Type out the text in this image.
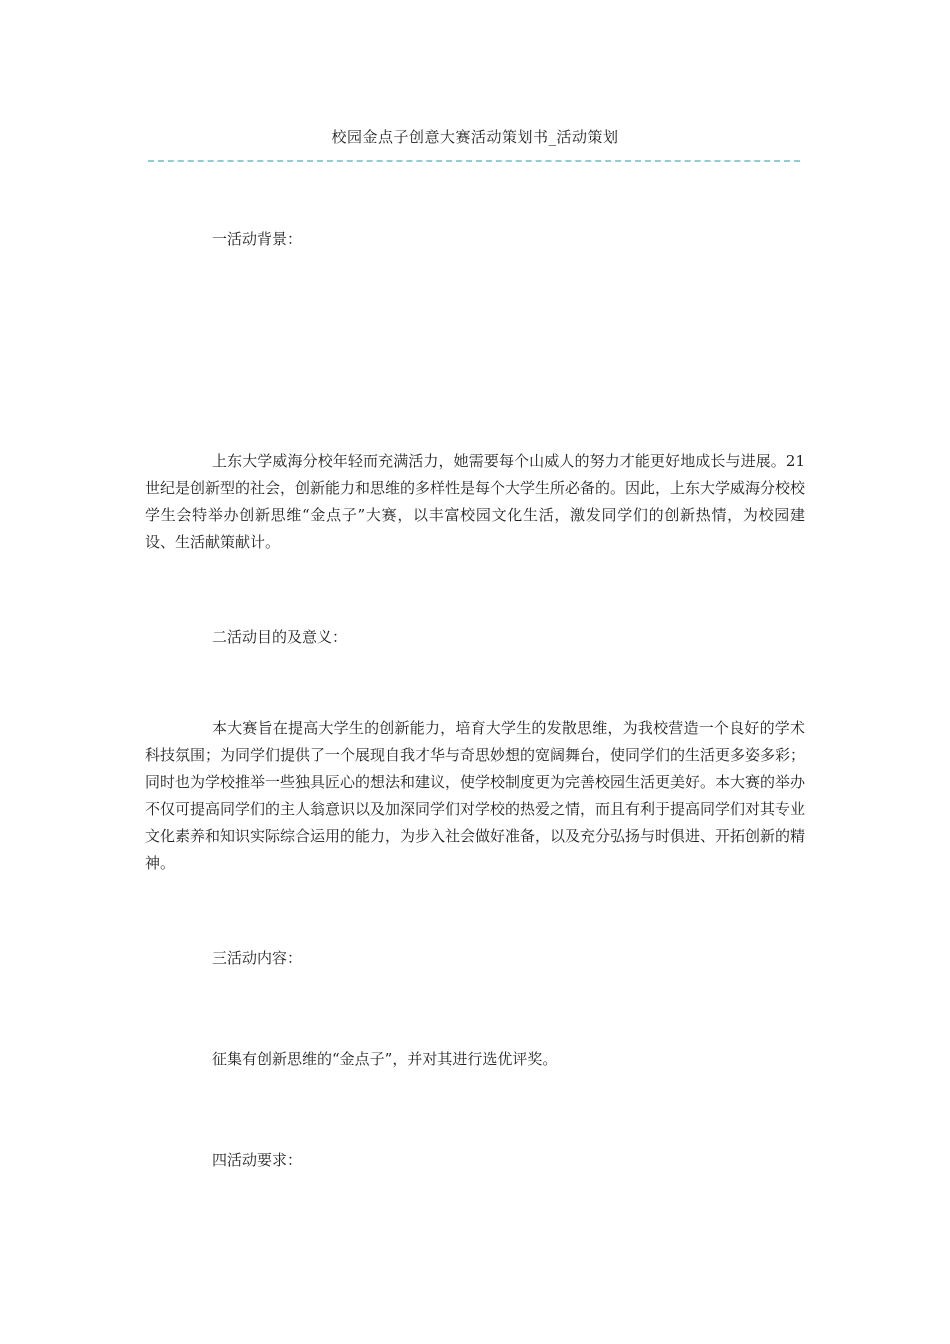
校园金点子创意大赛活动策划书_活动策划
一活动背景：

上东大学威海分校年轻而充满活力，她需要每个山威人的努力才能更好地成长与进展。21世纪是创新型的社会，创新能力和思维的多样性是每个大学生所必备的。因此，上东大学威海分校校学生会特举办创新思维“金点子”大赛，以丰富校园文化生活，激发同学们的创新热情，为校园建设、生活献策献计。

二活动目的及意义：

本大赛旨在提高大学生的创新能力，培育大学生的发散思维，为我校营造一个良好的学术科技氛围；为同学们提供了一个展现自我才华与奇思妙想的宽阔舞台，使同学们的生活更多姿多彩；同时也为学校推举一些独具匠心的想法和建议，使学校制度更为完善校园生活更美好。本大赛的举办不仅可提高同学们的主人翁意识以及加深同学们对学校的热爱之情，而且有利于提高同学们对其专业文化素养和知识实际综合运用的能力，为步入社会做好准备，以及充分弘扬与时俱进、开拓创新的精神。

三活动内容：
征集有创新思维的“金点子”，并对其进行选优评奖。
四活动要求：
